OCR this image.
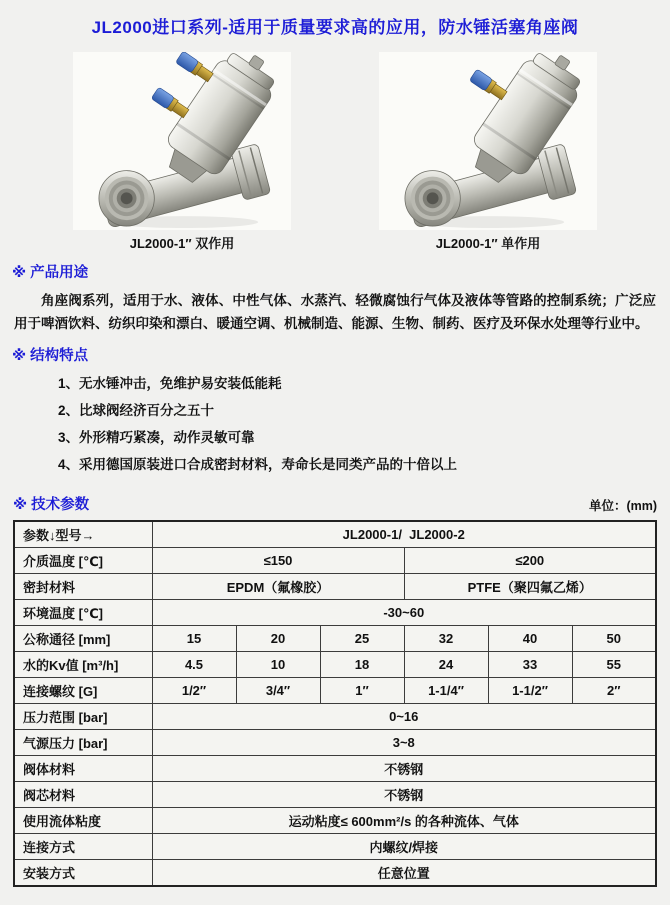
JL2000进口系列-适用于质量要求高的应用，防水锤活塞角座阀
JL2000-1″ 双作用	JL2000-1″ 单作用
※ 产品用途

角座阀系列，适用于水、液体、中性气体、水蒸汽、轻微腐蚀行气体及液体等管路的控制系统；广泛应用于啤酒饮料、纺织印染和漂白、暖通空调、机械制造、能源、生物、制药、医疗及环保水处理等行业中。

※ 结构特点
1、无水锤冲击，免维护易安装低能耗
2、比球阀经济百分之五十
3、外形精巧紧凑，动作灵敏可靠
4、采用德国原装进口合成密封材料，寿命长是同类产品的十倍以上
※ 技术参数	单位：(mm)
参数↓型号→	JL2000-1/  JL2000-2					
介质温度 [℃]	≤150			≤200		
密封材料	EPDM（氟橡胶）			PTFE（聚四氟乙烯）		
环境温度 [℃]	-30~60					
公称通径 [mm]	15	20	25	32	40	50
水的Kv值 [m³/h]	4.5	10	18	24	33	55
连接螺纹 [G]	1/2″	3/4″	1″	1-1/4″	1-1/2″	2″
压力范围 [bar]	0~16					
气源压力 [bar]	3~8					
阀体材料	不锈钢					
阀芯材料	不锈钢					
使用流体粘度	运动粘度≤ 600mm²/s 的各种流体、气体					
连接方式	内螺纹/焊接					
安装方式	任意位置					
